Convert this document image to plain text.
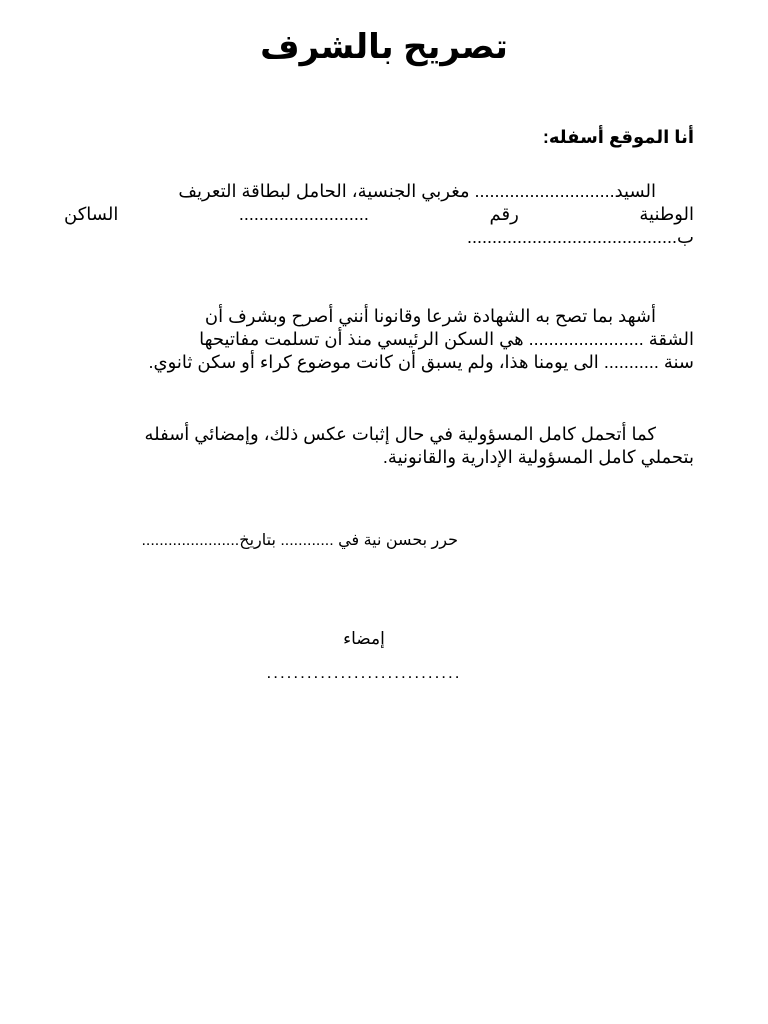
تصريح بالشرف

أنا الموقع أسفله:

السيد............................ مغربي الجنسية، الحامل لبطاقة التعريف
الوطنية
رقم
..........................
الساكن
ب..........................................
أشهد بما تصح به الشهادة شرعا وقانونا أنني أصرح وبشرف أن
الشقة ....................... هي السكن الرئيسي منذ أن تسلمت مفاتيحها
سنة ........... الى يومنا هذا، ولم يسبق أن كانت موضوع كراء أو سكن ثانوي.
كما أتحمل كامل المسؤولية في حال إثبات عكس ذلك، وإمضائي أسفله
بتحملي كامل المسؤولية الإدارية والقانونية.

حرر بحسن نية في ............ بتاريخ......................

إمضاء

.............................
